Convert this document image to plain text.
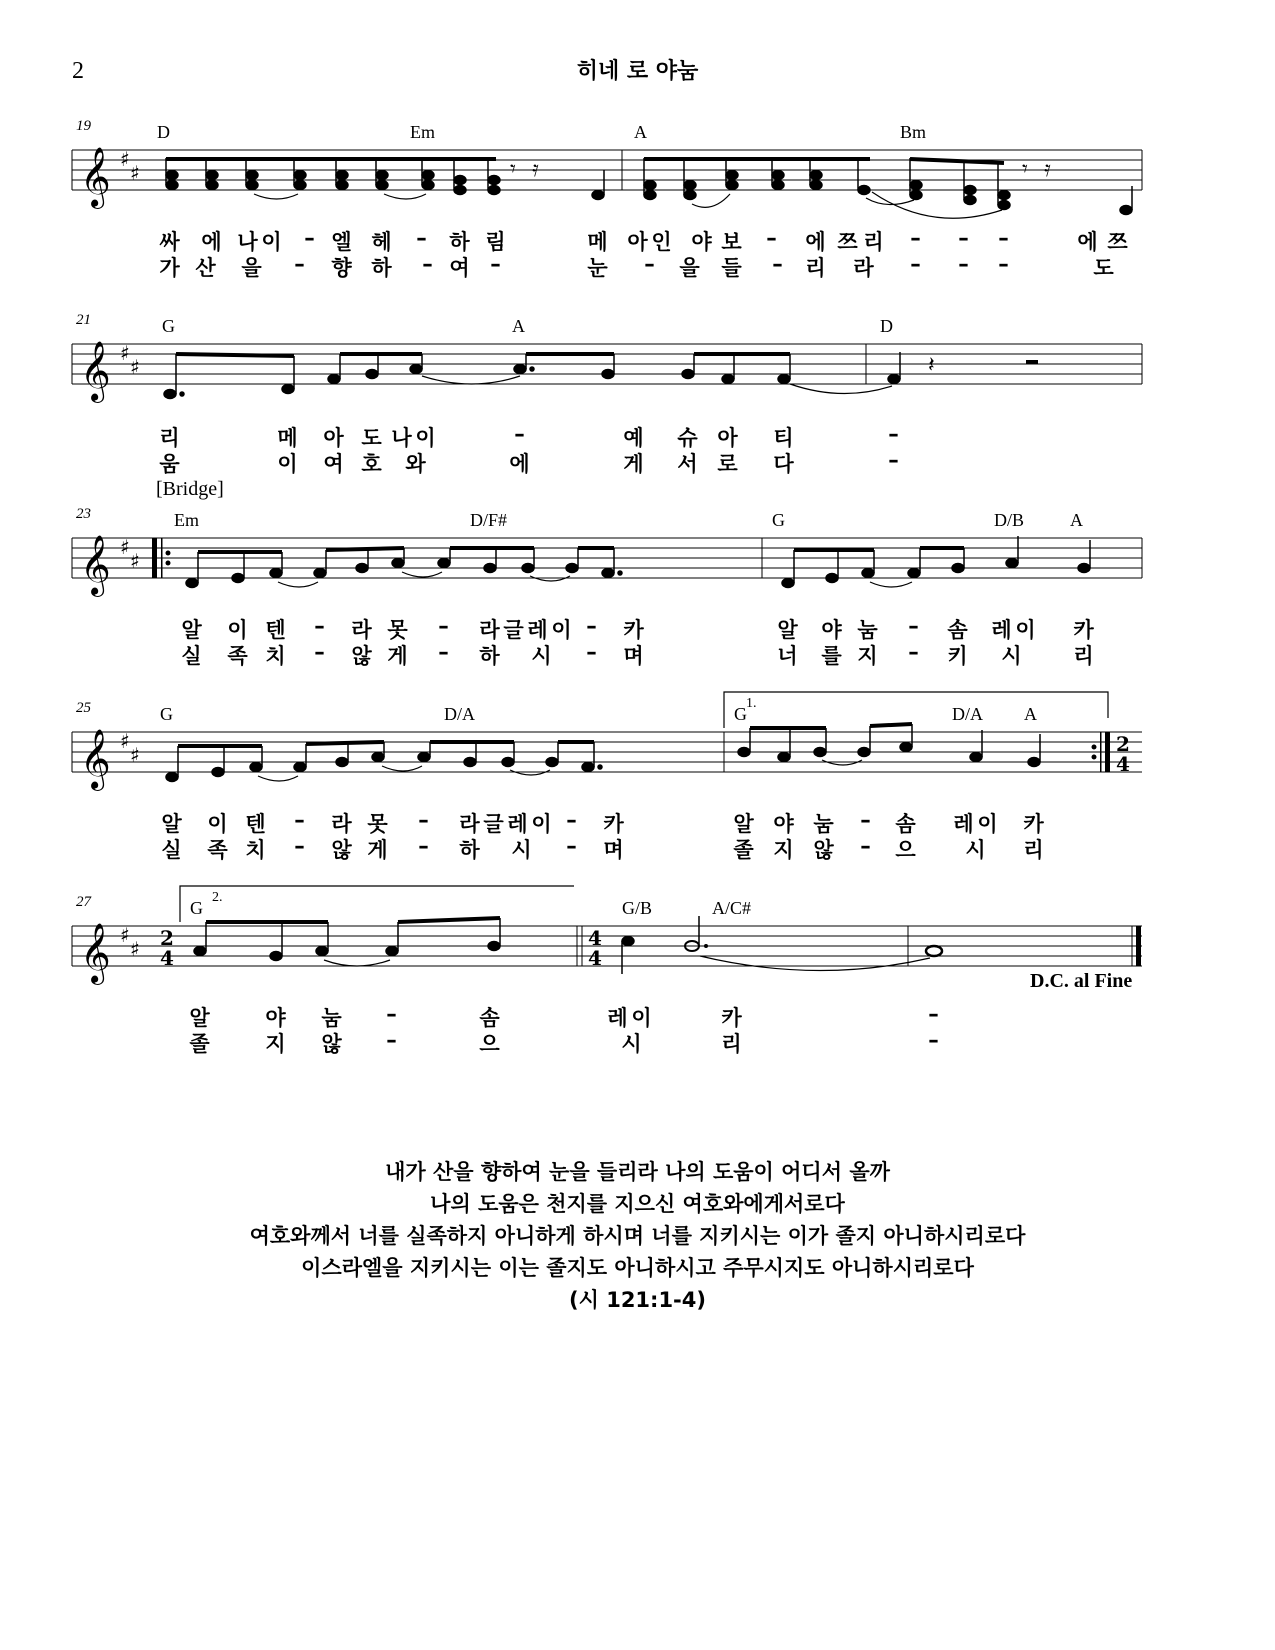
2	히네 로 야눔
𝄞 ♯
♯	𝄾 𝄿	𝄾 𝄿
19	D	Em	A	Bm
싸 에 나 이 – 엘 헤 – 하 림	메 아 인 야 보 – 에 쯔 리 – – –	에 쯔
가 산 을 – 향 하 – 여 –	눈 – 을 들 – 리 라 – – –	도
𝄞 ♯
♯	𝄽
21	G	A	D
리	메 아 도 나 이	–	예 슈 아 티	–
움	이 여 호 와	에	게 서 로 다	–
[Bridge]
𝄞 ♯
♯
23	Em	D/F#	G	D/B	A
알 이 텐 – 라 못 – 라 글 레 이 – 카	알 야 눔 – 솜 레 이 카
실 족 치 – 않 게 – 하 시 – 며	너 를 지 – 키 시 리
2
4
𝄞 ♯
♯
25	G	D/A	G
1.
D/A A
알 이 텐 – 라 못 – 라 글 레 이 – 카	알 야 눔 – 솜 레 이 카
실 족 치 – 않 게 – 하 시 – 며	졸 지 않 – 으 시 리
𝄞 ♯
♯ 2
4
4
4
27	G
2.
G/B	A/C#
D.C. al Fine
알	야 눔 –	솜	레 이	카	–
졸	지 않 –	으	시	리	–
내가 산을 향하여 눈을 들리라 나의 도움이 어디서 올까
나의 도움은 천지를 지으신 여호와에게서로다
여호와께서 너를 실족하지 아니하게 하시며 너를 지키시는 이가 졸지 아니하시리로다
이스라엘을 지키시는 이는 졸지도 아니하시고 주무시지도 아니하시리로다
(시 121:1-4)
